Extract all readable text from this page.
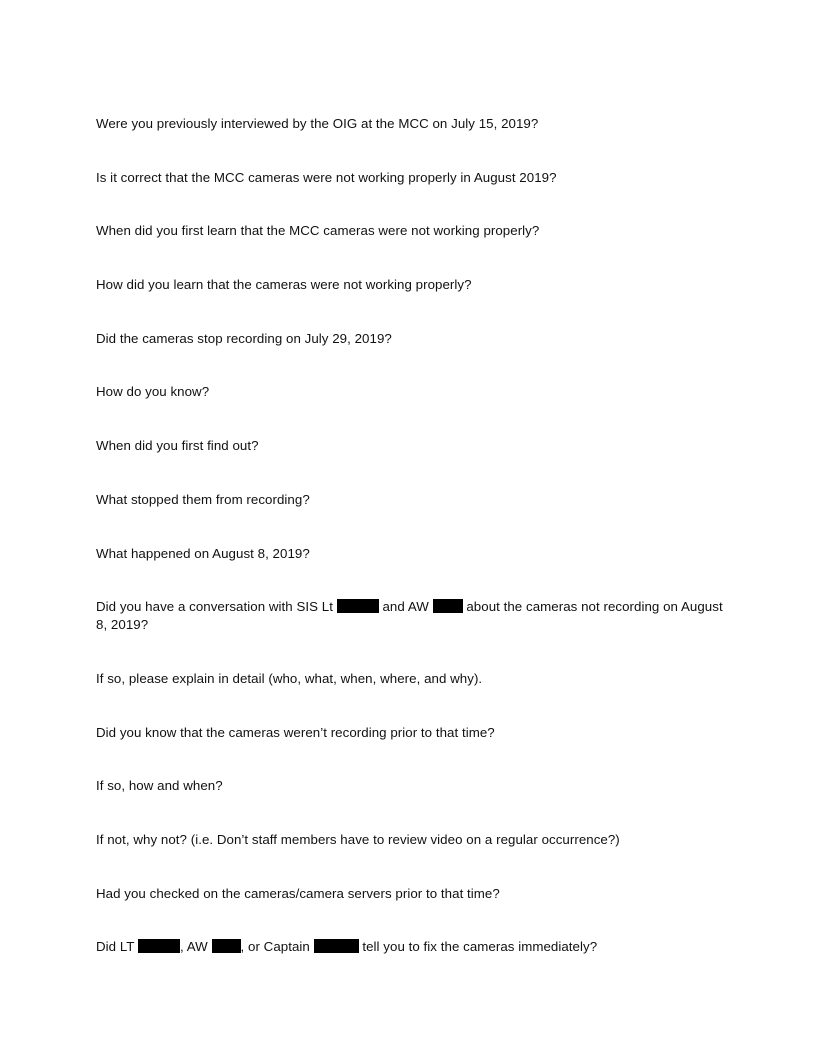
Were you previously interviewed by the OIG at the MCC on July 15, 2019?

Is it correct that the MCC cameras were not working properly in August 2019?

When did you first learn that the MCC cameras were not working properly?

How did you learn that the cameras were not working properly?

Did the cameras stop recording on July 29, 2019?

How do you know?

When did you first find out?

What stopped them from recording?

What happened on August 8, 2019?

Did you have a conversation with SIS Lt	and AW  about the cameras not recording on August 8, 2019?

If so, please explain in detail (who, what, when, where, and why).

Did you know that the cameras weren’t recording prior to that time?

If so, how and when?

If not, why not? (i.e. Don’t staff members have to review video on a regular occurrence?)

Had you checked on the cameras/camera servers prior to that time?

Did LT	, AW , or Captain	tell you to fix the cameras immediately?
